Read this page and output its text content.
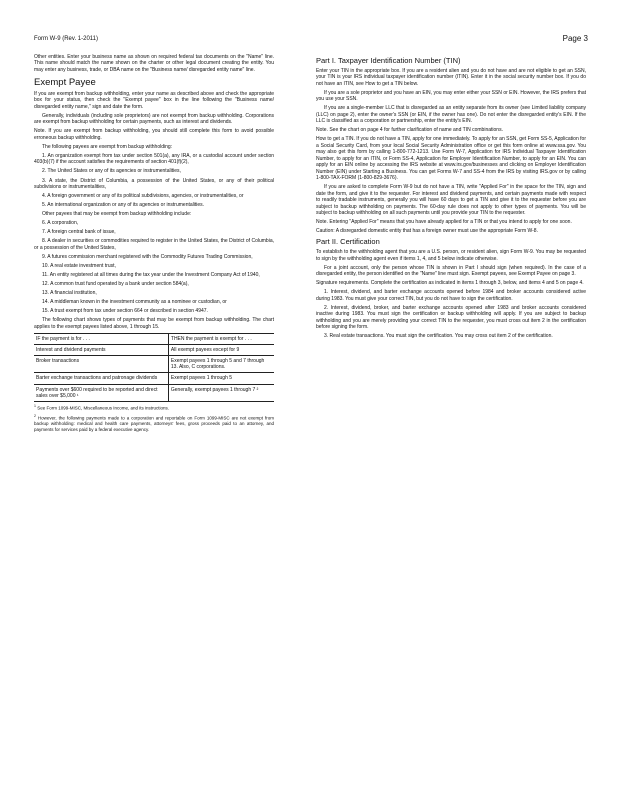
Form W-9 (Rev. 1-2011)	Page 3

Other entities. Enter your business name as shown on required federal tax documents on the "Name" line. This name should match the name shown on the charter or other legal document creating the entity. You may enter any business, trade, or DBA name on the "Business name/ disregarded entity name" line.

Exempt Payee

If you are exempt from backup withholding, enter your name as described above and check the appropriate box for your status, then check the "Exempt payee" box in the line following the "Business name/ disregarded entity name," sign and date the form.

Generally, individuals (including sole proprietors) are not exempt from backup withholding. Corporations are exempt from backup withholding for certain payments, such as interest and dividends.

Note. If you are exempt from backup withholding, you should still complete this form to avoid possible erroneous backup withholding.

The following payees are exempt from backup withholding:

1. An organization exempt from tax under section 501(a), any IRA, or a custodial account under section 403(b)(7) if the account satisfies the requirements of section 401(f)(2),

2. The United States or any of its agencies or instrumentalities,

3. A state, the District of Columbia, a possession of the United States, or any of their political subdivisions or instrumentalities,

4. A foreign government or any of its political subdivisions, agencies, or instrumentalities, or

5. An international organization or any of its agencies or instrumentalities.

Other payees that may be exempt from backup withholding include:

6. A corporation,

7. A foreign central bank of issue,

8. A dealer in securities or commodities required to register in the United States, the District of Columbia, or a possession of the United States,

9. A futures commission merchant registered with the Commodity Futures Trading Commission,

10. A real estate investment trust,

11. An entity registered at all times during the tax year under the Investment Company Act of 1940,

12. A common trust fund operated by a bank under section 584(a),

13. A financial institution,

14. A middleman known in the investment community as a nominee or custodian, or

15. A trust exempt from tax under section 664 or described in section 4947.

The following chart shows types of payments that may be exempt from backup withholding. The chart applies to the exempt payees listed above, 1 through 15.

IF the payment is for . . .	THEN the payment is exempt for . . .
Interest and dividend payments	All exempt payees except for 9
Broker transactions	Exempt payees 1 through 5 and 7 through 13. Also, C corporations.
Barter exchange transactions and patronage dividends	Exempt payees 1 through 5
Payments over $600 required to be reported and direct sales over $5,000 ¹	Generally, exempt payees 1 through 7 ²

$^1$ See Form 1099-MISC, Miscellaneous Income, and its instructions.

$^2$ However, the following payments made to a corporation and reportable on Form 1099-MISC are not exempt from backup withholding: medical and health care payments, attorneys' fees, gross proceeds paid to an attorney, and payments for services paid by a federal executive agency.

Part I. Taxpayer Identification Number (TIN)

Enter your TIN in the appropriate box. If you are a resident alien and you do not have and are not eligible to get an SSN, your TIN is your IRS individual taxpayer identification number (ITIN). Enter it in the social security number box. If you do not have an ITIN, see How to get a TIN below.

If you are a sole proprietor and you have an EIN, you may enter either your SSN or EIN. However, the IRS prefers that you use your SSN.

If you are a single-member LLC that is disregarded as an entity separate from its owner (see Limited liability company (LLC) on page 2), enter the owner's SSN (or EIN, if the owner has one). Do not enter the disregarded entity's EIN. If the LLC is classified as a corporation or partnership, enter the entity's EIN.

Note. See the chart on page 4 for further clarification of name and TIN combinations.

How to get a TIN. If you do not have a TIN, apply for one immediately. To apply for an SSN, get Form SS-5, Application for a Social Security Card, from your local Social Security Administration office or get this form online at www.ssa.gov. You may also get this form by calling 1-800-772-1213. Use Form W-7, Application for IRS Individual Taxpayer Identification Number, to apply for an ITIN, or Form SS-4, Application for Employer Identification Number, to apply for an EIN. You can apply for an EIN online by accessing the IRS website at www.irs.gov/businesses and clicking on Employer Identification Number (EIN) under Starting a Business. You can get Forms W-7 and SS-4 from the IRS by visiting IRS.gov or by calling 1-800-TAX-FORM (1-800-829-3676).

If you are asked to complete Form W-9 but do not have a TIN, write "Applied For" in the space for the TIN, sign and date the form, and give it to the requester. For interest and dividend payments, and certain payments made with respect to readily tradable instruments, generally you will have 60 days to get a TIN and give it to the requester before you are subject to backup withholding on payments. The 60-day rule does not apply to other types of payments. You will be subject to backup withholding on all such payments until you provide your TIN to the requester.

Note. Entering "Applied For" means that you have already applied for a TIN or that you intend to apply for one soon.

Caution: A disregarded domestic entity that has a foreign owner must use the appropriate Form W-8.

Part II. Certification

To establish to the withholding agent that you are a U.S. person, or resident alien, sign Form W-9. You may be requested to sign by the withholding agent even if items 1, 4, and 5 below indicate otherwise.

For a joint account, only the person whose TIN is shown in Part I should sign (when required). In the case of a disregarded entity, the person identified on the "Name" line must sign. Exempt payees, see Exempt Payee on page 3.

Signature requirements. Complete the certification as indicated in items 1 through 3, below, and items 4 and 5 on page 4.

1. Interest, dividend, and barter exchange accounts opened before 1984 and broker accounts considered active during 1983. You must give your correct TIN, but you do not have to sign the certification.

2. Interest, dividend, broker, and barter exchange accounts opened after 1983 and broker accounts considered inactive during 1983. You must sign the certification or backup withholding will apply. If you are subject to backup withholding and you are merely providing your correct TIN to the requester, you must cross out item 2 in the certification before signing the form.

3. Real estate transactions. You must sign the certification. You may cross out item 2 of the certification.
